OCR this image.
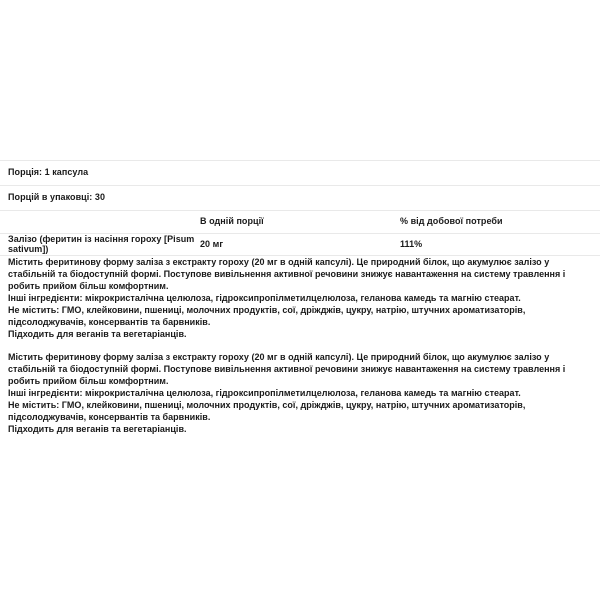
Порція: 1 капсула		
Порцій в упаковці: 30		
	В одній порції	% від добової потреби
Залізо (феритин із насіння гороху [Pisum sativum])	20 мг	111%

Містить феритинову форму заліза з екстракту гороху (20 мг в одній капсулі). Це природний білок, що акумулює залізо у стабільній та біодоступній формі. Поступове вивільнення активної речовини знижує навантаження на систему травлення і робить прийом більш комфортним.

Інші інгредієнти: мікрокристалічна целюлоза, гідроксипропілметилцелюлоза, геланова камедь та магнію стеарат.

Не містить: ГМО, клейковини, пшениці, молочних продуктів, сої, дріжджів, цукру, натрію, штучних ароматизаторів, підсолоджувачів, консервантів та барвників.

Підходить для веганів та вегетаріанців.

Містить феритинову форму заліза з екстракту гороху (20 мг в одній капсулі). Це природний білок, що акумулює залізо у стабільній та біодоступній формі. Поступове вивільнення активної речовини знижує навантаження на систему травлення і робить прийом більш комфортним.

Інші інгредієнти: мікрокристалічна целюлоза, гідроксипропілметилцелюлоза, геланова камедь та магнію стеарат.

Не містить: ГМО, клейковини, пшениці, молочних продуктів, сої, дріжджів, цукру, натрію, штучних ароматизаторів, підсолоджувачів, консервантів та барвників.

Підходить для веганів та вегетаріанців.
